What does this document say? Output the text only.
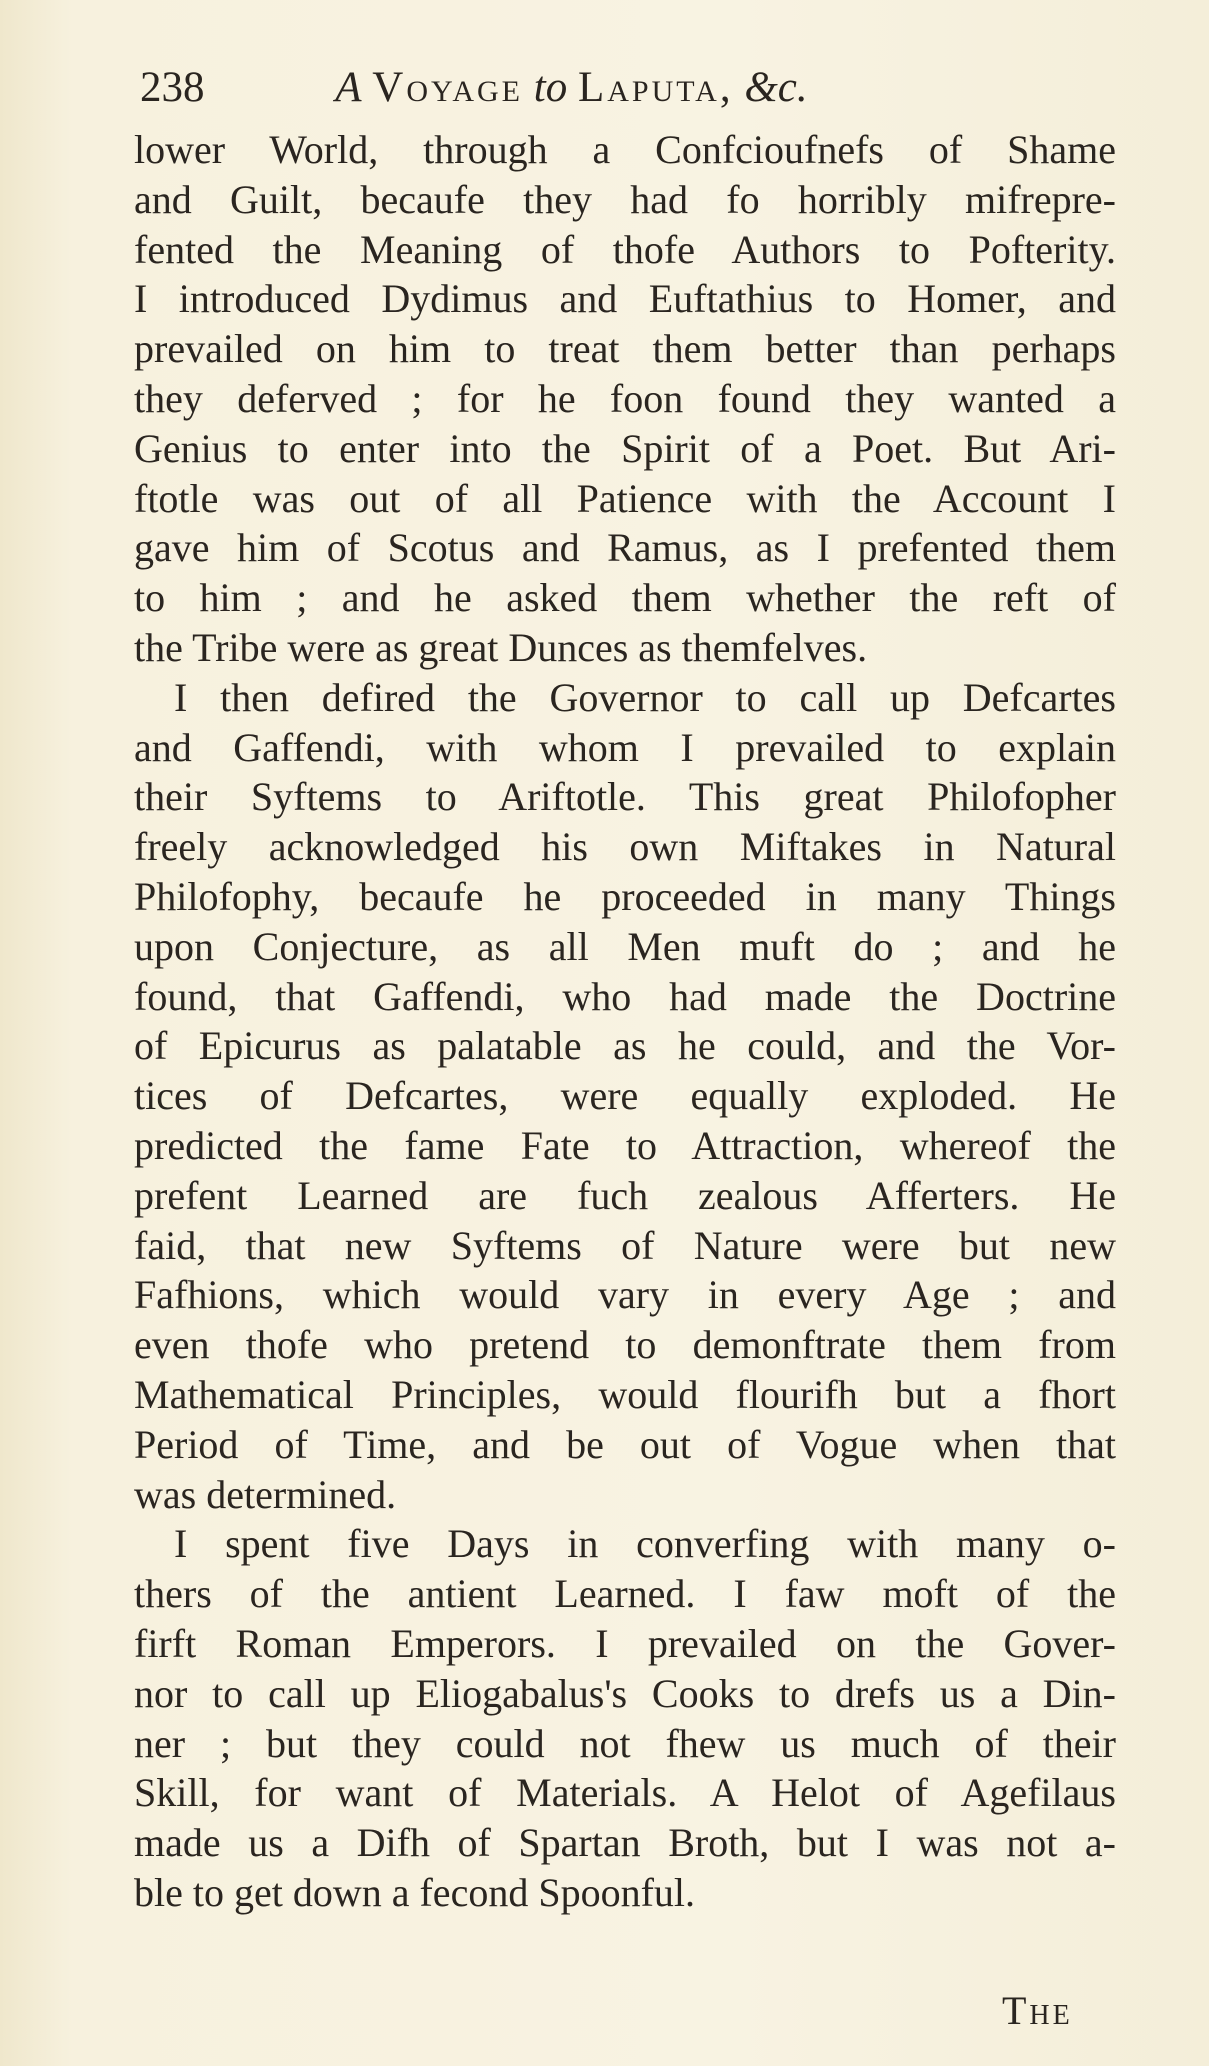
238	A Voyage to Laputa, &c.
lower World, through a Confcioufnefs of Shame
and Guilt, becaufe they had fo horribly mifrepre-
fented the Meaning of thofe Authors to Pofterity.
I introduced Dydimus and Euftathius to Homer, and
prevailed on him to treat them better than perhaps
they deferved ; for he foon found they wanted a
Genius to enter into the Spirit of a Poet. But Ari-
ftotle was out of all Patience with the Account I
gave him of Scotus and Ramus, as I prefented them
to him ; and he asked them whether the reft of
the Tribe were as great Dunces as themfelves.
I then defired the Governor to call up Defcartes
and Gaffendi, with whom I prevailed to explain
their Syftems to Ariftotle. This great Philofopher
freely acknowledged his own Miftakes in Natural
Philofophy, becaufe he proceeded in many Things
upon Conjecture, as all Men muft do ; and he
found, that Gaffendi, who had made the Doctrine
of Epicurus as palatable as he could, and the Vor-
tices of Defcartes, were equally exploded. He
predicted the fame Fate to Attraction, whereof the
prefent Learned are fuch zealous Afferters. He
faid, that new Syftems of Nature were but new
Fafhions, which would vary in every Age ; and
even thofe who pretend to demonftrate them from
Mathematical Principles, would flourifh but a fhort
Period of Time, and be out of Vogue when that
was determined.
I spent five Days in converfing with many o-
thers of the antient Learned. I faw moft of the
firft Roman Emperors. I prevailed on the Gover-
nor to call up Eliogabalus's Cooks to drefs us a Din-
ner ; but they could not fhew us much of their
Skill, for want of Materials. A Helot of Agefilaus
made us a Difh of Spartan Broth, but I was not a-
ble to get down a fecond Spoonful.
The
